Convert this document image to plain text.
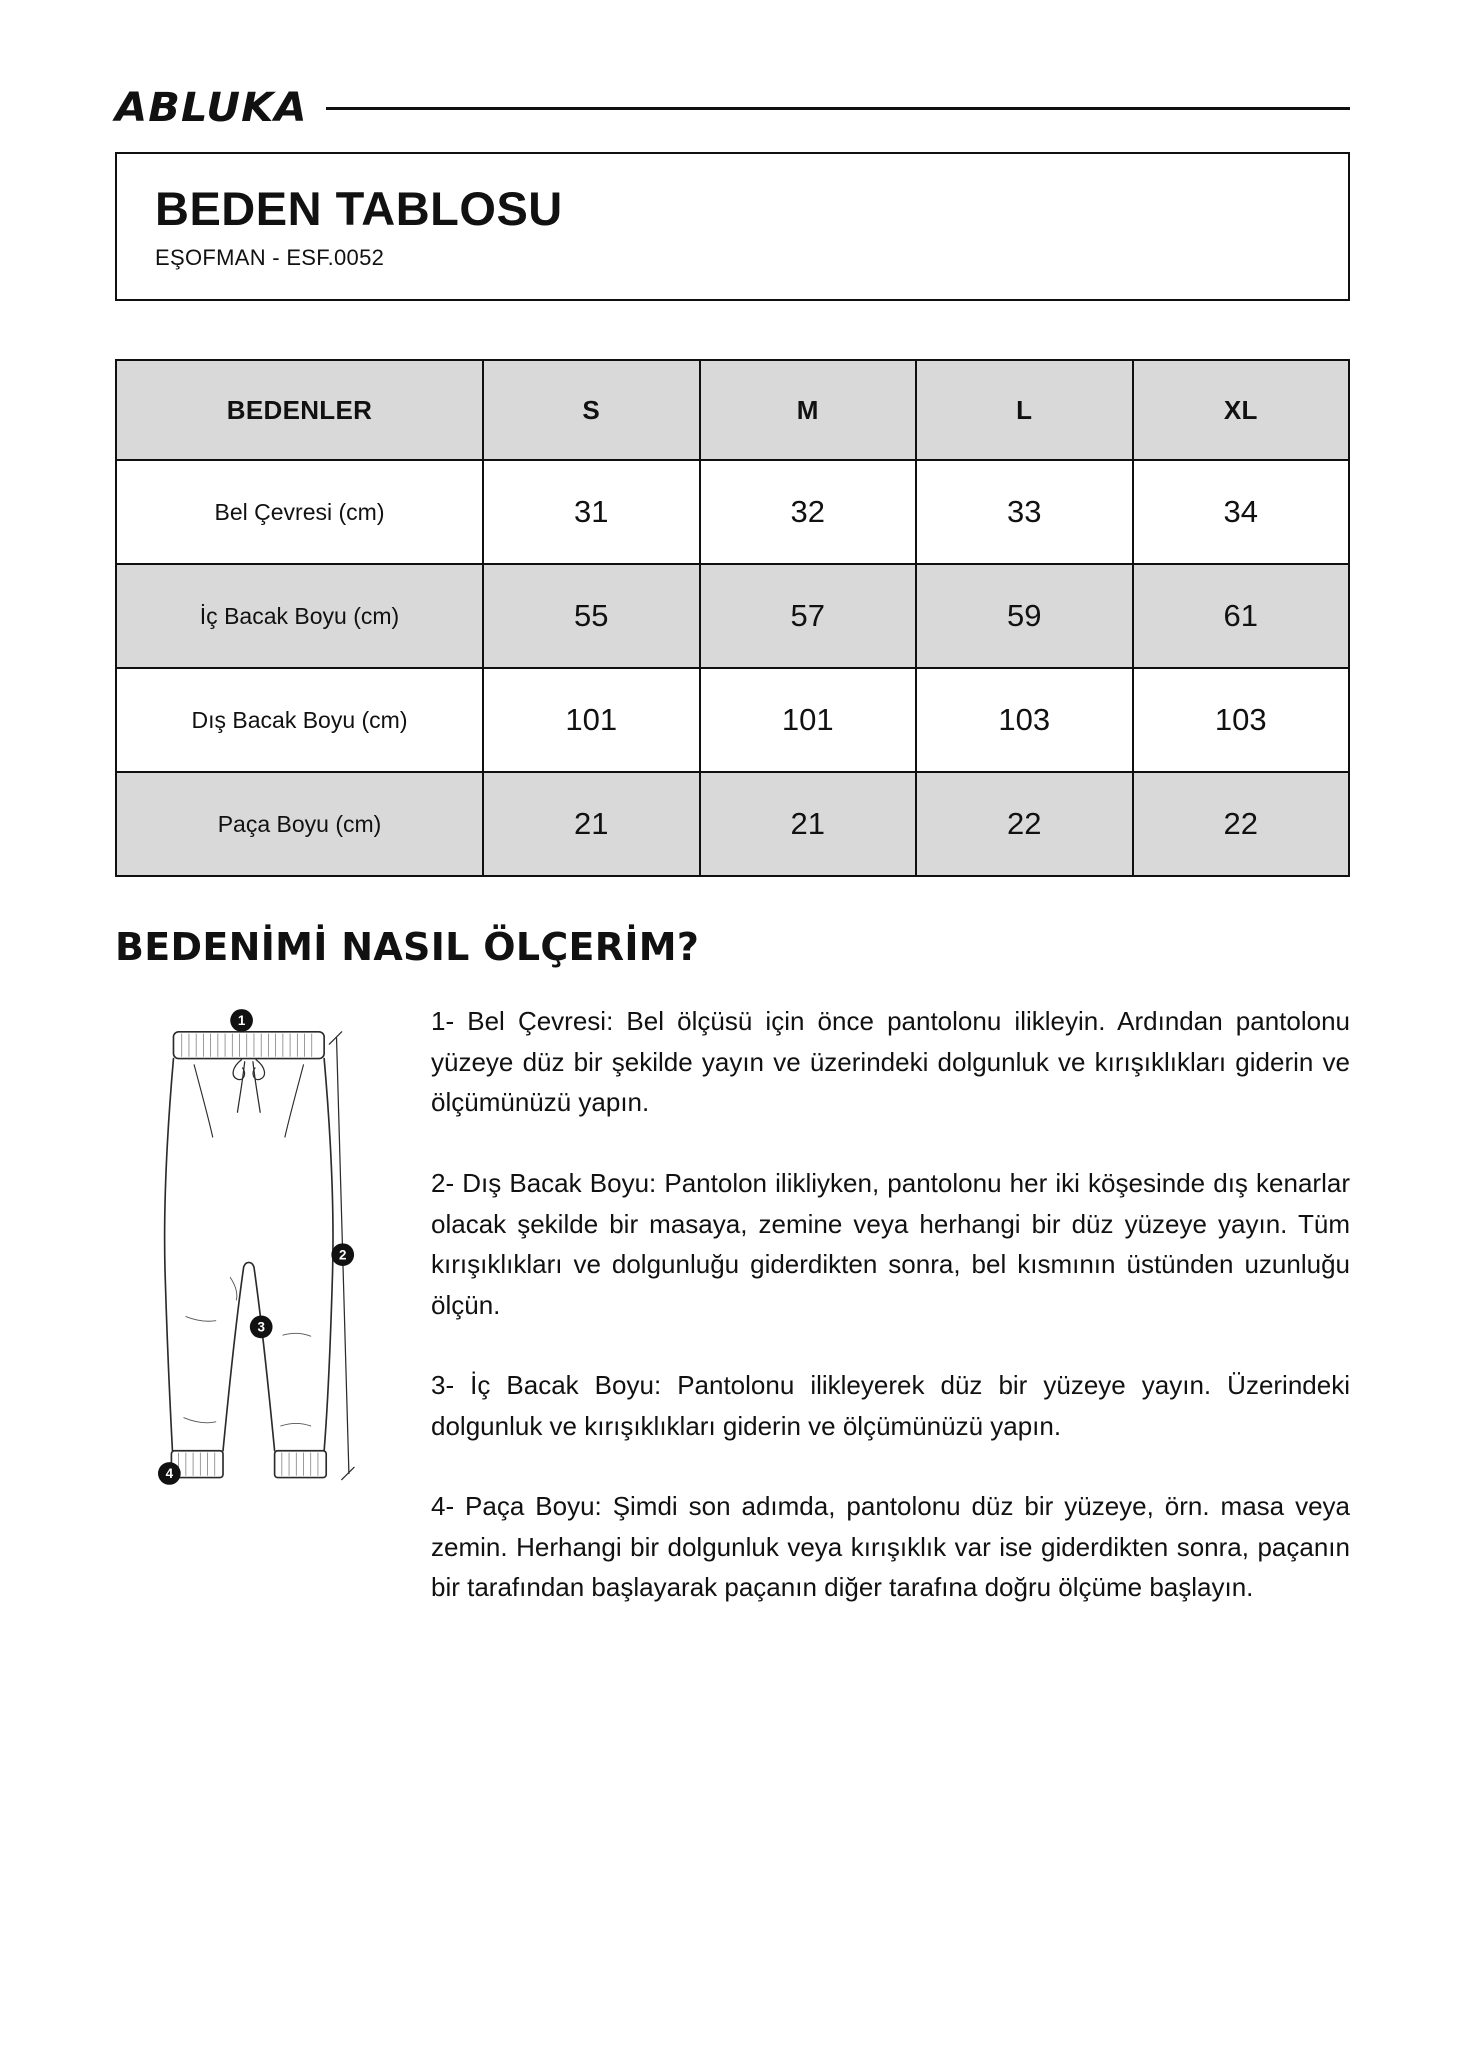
ABLUKA
BEDEN TABLOSU
EŞOFMAN - ESF.0052
BEDENLER	S	M	L	XL
Bel Çevresi (cm)	31	32	33	34
İç Bacak Boyu (cm)	55	57	59	61
Dış Bacak Boyu (cm)	101	101	103	103
Paça Boyu (cm)	21	21	22	22
BEDENİMİ NASIL ÖLÇERİM?
1
2
3
4

1- Bel Çevresi: Bel ölçüsü için önce pantolonu ilikleyin. Ardından pantolonu yüzeye düz bir şekilde yayın ve üzerindeki dolgunluk ve kırışıklıkları giderin ve ölçümünüzü yapın.

2- Dış Bacak Boyu: Pantolon ilikliyken, pantolonu her iki köşesinde dış kenarlar olacak şekilde bir masaya, zemine veya herhangi bir düz yüzeye yayın. Tüm kırışıklıkları ve dolgunluğu giderdikten sonra, bel kısmının üstünden uzunluğu ölçün.

3- İç Bacak Boyu: Pantolonu ilikleyerek düz bir yüzeye yayın. Üzerindeki dolgunluk ve kırışıklıkları giderin ve ölçümünüzü yapın.

4- Paça Boyu: Şimdi son adımda, pantolonu düz bir yüzeye, örn. masa veya zemin. Herhangi bir dolgunluk veya kırışıklık var ise giderdikten sonra, paçanın bir tarafından başlayarak paçanın diğer tarafına doğru ölçüme başlayın.
